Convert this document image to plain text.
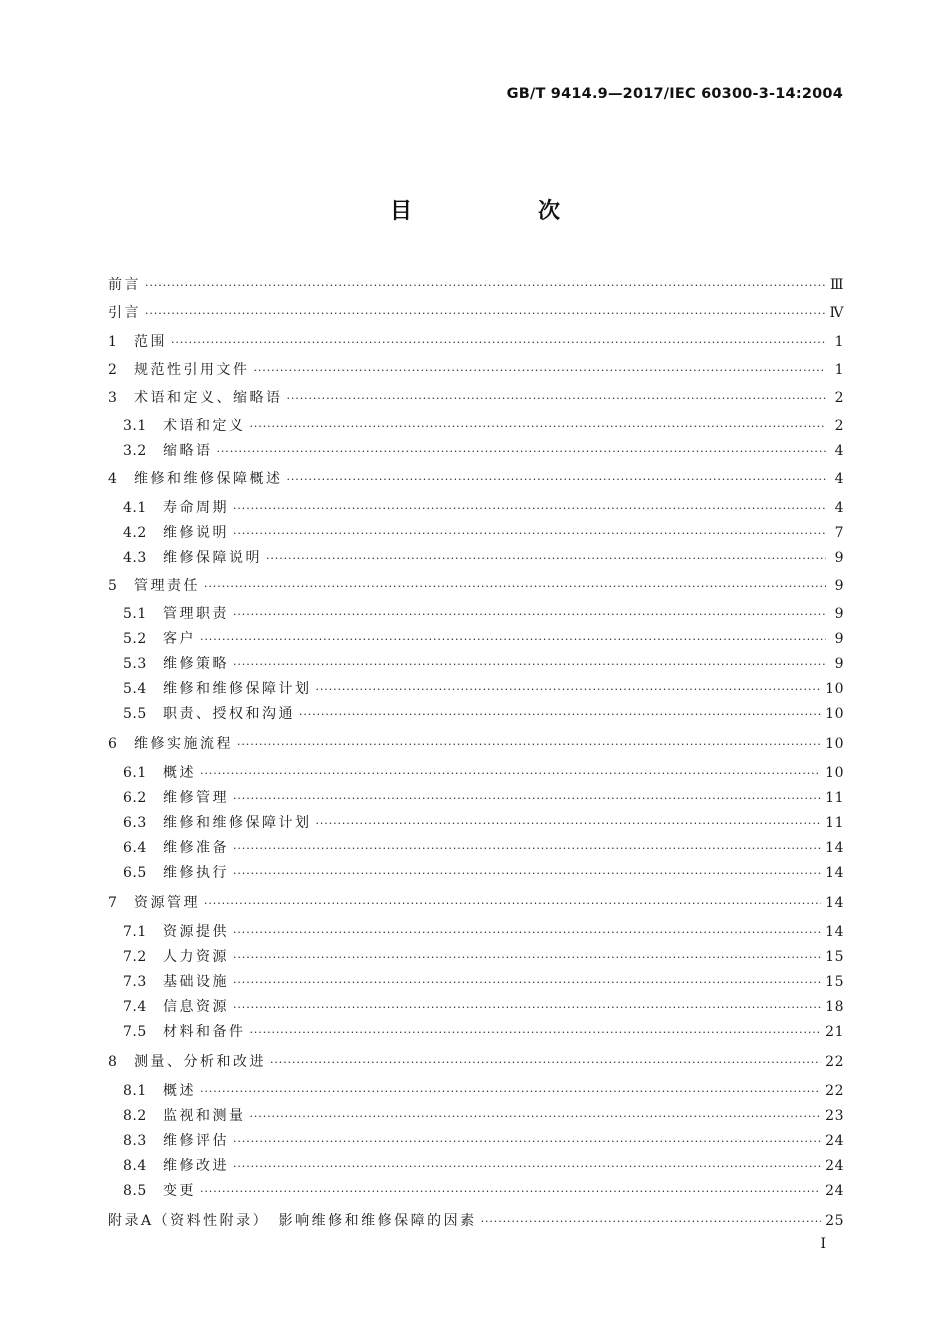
GB/T 9414.9—2017/IEC 60300-3-14:2004
目　次
前言 ·····	Ⅲ
引言 ·····	Ⅳ
1	范围 ·····	1
2	规范性引用文件 ·····	1
3	术语和定义、缩略语 ·····	2
3.1	术语和定义 ·····	2
3.2	缩略语 ·····	4
4	维修和维修保障概述 ·····	4
4.1	寿命周期 ·····	4
4.2	维修说明 ·····	7
4.3	维修保障说明 ·····	9
5	管理责任 ·····	9
5.1	管理职责 ·····	9
5.2	客户 ·····	9
5.3	维修策略 ·····	9
5.4	维修和维修保障计划 ·····	10
5.5	职责、授权和沟通 ·····	10
6	维修实施流程 ·····	10
6.1	概述 ·····	10
6.2	维修管理 ·····	11
6.3	维修和维修保障计划 ·····	11
6.4	维修准备 ·····	14
6.5	维修执行 ·····	14
7	资源管理 ·····	14
7.1	资源提供 ·····	14
7.2	人力资源 ·····	15
7.3	基础设施 ·····	15
7.4	信息资源 ·····	18
7.5	材料和备件 ·····	21
8	测量、分析和改进 ·····	22
8.1	概述 ·····	22
8.2	监视和测量 ·····	23
8.3	维修评估 ·····	24
8.4	维修改进 ·····	24
8.5	变更 ·····	24
附录A（资料性附录）　影响维修和维修保障的因素 ·····	25
Ⅰ
